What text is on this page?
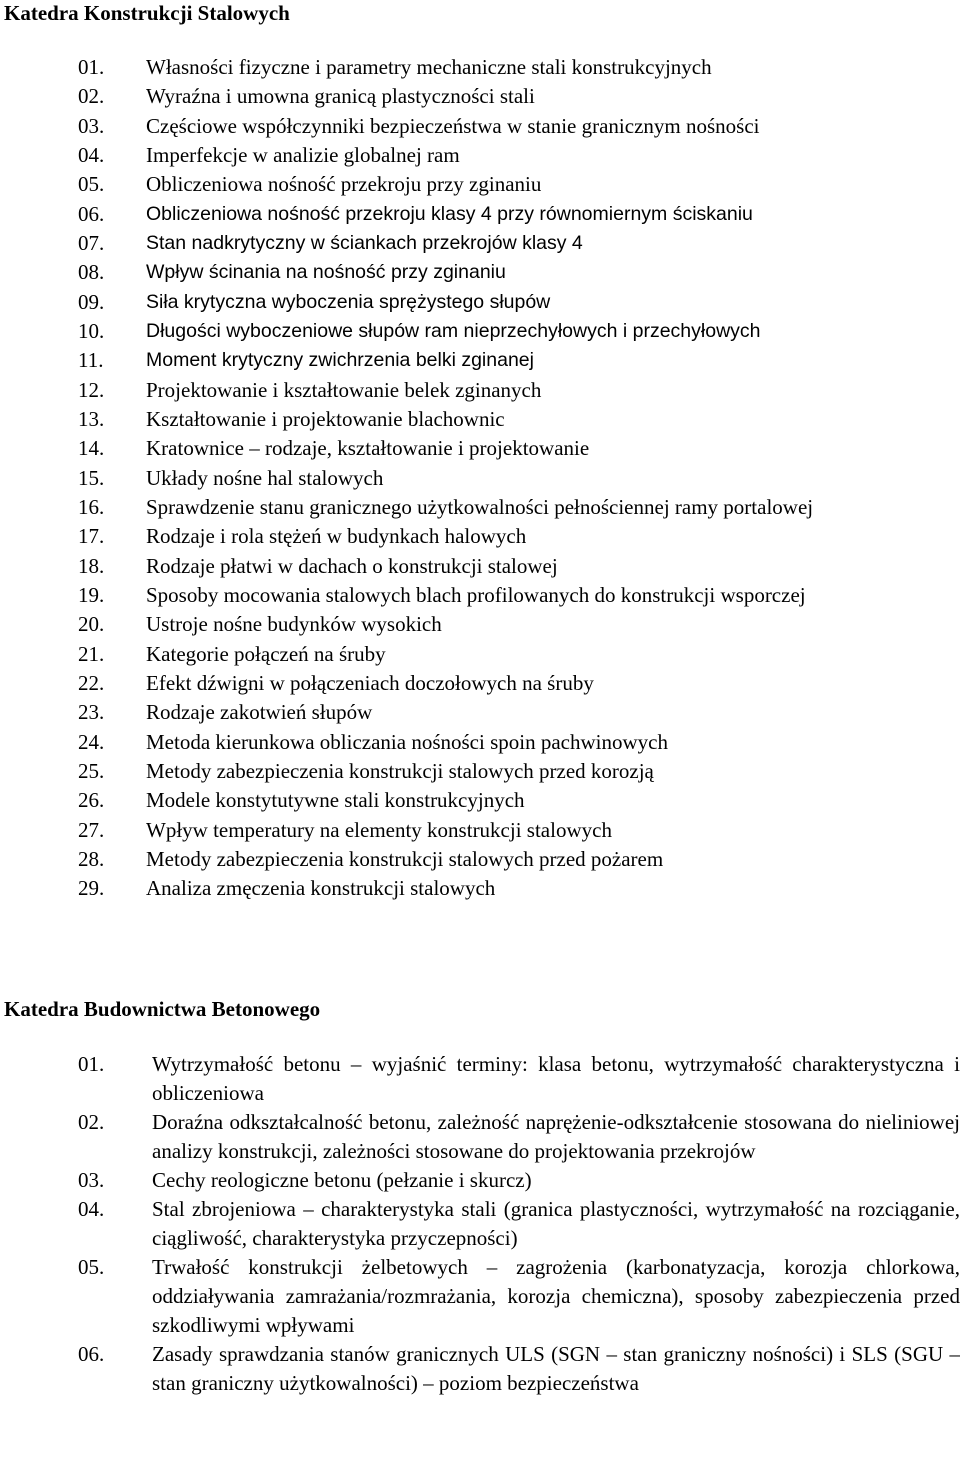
Katedra Konstrukcji Stalowych
01. Własności fizyczne i parametry mechaniczne stali konstrukcyjnych
02. Wyraźna i umowna granicą plastyczności stali
03. Częściowe współczynniki bezpieczeństwa w stanie granicznym nośności
04. Imperfekcje w analizie globalnej ram
05. Obliczeniowa nośność przekroju przy zginaniu
06. Obliczeniowa nośność przekroju klasy 4 przy równomiernym ściskaniu
07. Stan nadkrytyczny w ściankach przekrojów klasy 4
08. Wpływ ścinania na nośność przy zginaniu
09. Siła krytyczna wyboczenia sprężystego słupów
10. Długości wyboczeniowe słupów ram nieprzechyłowych i przechyłowych
11. Moment krytyczny zwichrzenia belki zginanej
12. Projektowanie i kształtowanie belek zginanych
13. Kształtowanie i projektowanie blachownic
14. Kratownice – rodzaje, kształtowanie i projektowanie
15. Układy nośne hal stalowych
16. Sprawdzenie stanu granicznego użytkowalności pełnościennej ramy portalowej
17. Rodzaje i rola stężeń w budynkach halowych
18. Rodzaje płatwi w dachach o konstrukcji stalowej
19. Sposoby mocowania stalowych blach profilowanych do konstrukcji wsporczej
20. Ustroje nośne budynków wysokich
21. Kategorie połączeń na śruby
22. Efekt dźwigni w połączeniach doczołowych na śruby
23. Rodzaje zakotwień słupów
24. Metoda kierunkowa obliczania nośności spoin pachwinowych
25. Metody zabezpieczenia konstrukcji stalowych przed korozją
26. Modele konstytutywne stali konstrukcyjnych
27. Wpływ temperatury na elementy konstrukcji stalowych
28. Metody zabezpieczenia konstrukcji stalowych przed pożarem
29. Analiza zmęczenia konstrukcji stalowych
Katedra Budownictwa Betonowego
01. Wytrzymałość betonu – wyjaśnić terminy: klasa betonu, wytrzymałość charakterystyczna i obliczeniowa
02. Doraźna odkształcalność betonu, zależność naprężenie-odkształcenie stosowana do nieliniowej analizy konstrukcji, zależności stosowane do projektowania przekrojów
03. Cechy reologiczne betonu (pełzanie i skurcz)
04. Stal zbrojeniowa – charakterystyka stali (granica plastyczności, wytrzymałość na rozciąganie, ciągliwość, charakterystyka przyczepności)
05. Trwałość konstrukcji żelbetowych – zagrożenia (karbonatyzacja, korozja chlorkowa, oddziaływania zamrażania/rozmrażania, korozja chemiczna), sposoby zabezpieczenia przed szkodliwymi wpływami
06. Zasady sprawdzania stanów granicznych ULS (SGN – stan graniczny nośności) i SLS (SGU – stan graniczny użytkowalności) – poziom bezpieczeństwa
